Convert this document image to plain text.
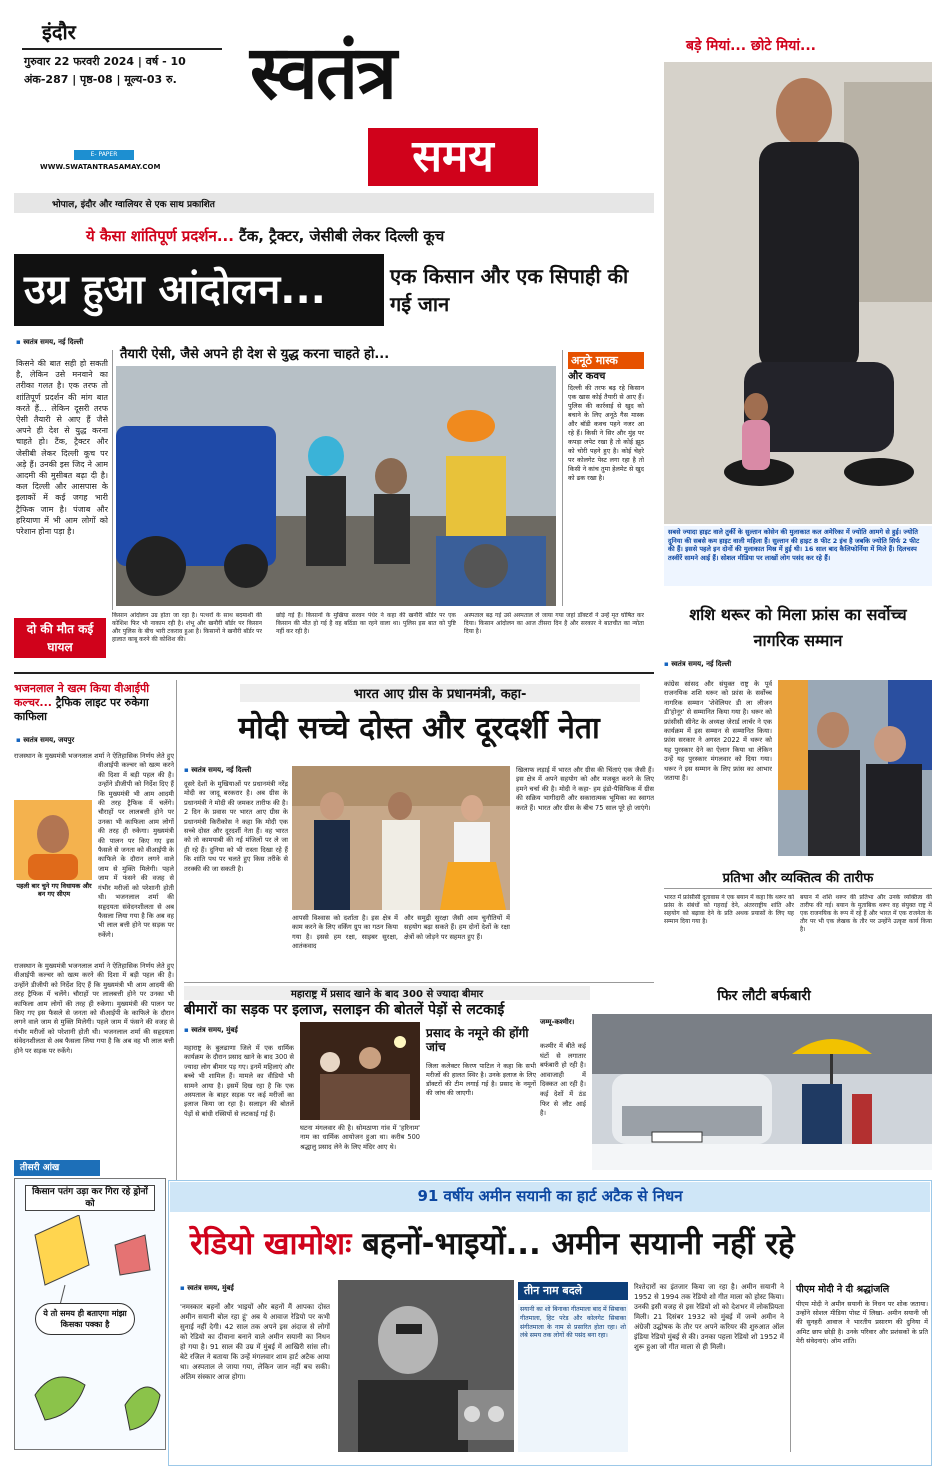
इंदौर
गुरुवार 22 फरवरी 2024 | वर्ष - 10
अंक-287 | पृष्ठ-08 | मूल्य-03 रु.
E- PAPER
WWW.SWATANTRASAMAY.COM
स्वतंत्र
समय
भोपाल, इंदौर और ग्वालियर से एक साथ प्रकाशित
बड़े मियां... छोटे मियां...
सबसे ज्यादा हाइट वाले तुर्की के सुल्तान कोसेन की मुलाकात कल अमेरिका में ज्योति आमगे से हुई। ज्योति दुनिया की सबसे कम हाइट वाली महिला हैं। सुल्तान की हाइट 8 फीट 2 इंच है जबकि ज्योति सिर्फ 2 फीट की हैं। इससे पहले इन दोनों की मुलाकात मिस्र में हुई थी। 16 साल बाद कैलिफोर्निया में मिले हैं। दिलचस्प तस्वीरें सामने आई हैं। सोशल मीडिया पर लाखों लोग पसंद कर रहे हैं।
ये कैसा शांतिपूर्ण प्रदर्शन... टैंक, ट्रैक्टर, जेसीबी लेकर दिल्ली कूच
उग्र हुआ आंदोलन...	एक किसान और एक सिपाही की गई जान
▪ स्वतंत्र समय, नई दिल्ली
तैयारी ऐसी, जैसे अपने ही देश से युद्ध करना चाहते हो...
किसने की बात सही हो सकती है, लेकिन उसे मनवाने का तरीका गलत है। एक तरफ तो शांतिपूर्ण प्रदर्शन की मांग बात करते हैं... लेकिन दूसरी तरफ ऐसी तैयारी से आए हैं जैसे अपने ही देश से युद्ध करना चाहते हो। टैंक, ट्रैक्टर और जेसीबी लेकर दिल्ली कूच पर अड़े हैं। उनकी इस जिद ने आम आदमी की मुसीबत बढ़ा दी है। कल दिल्ली और आसपास के इलाकों में कई जगह भारी ट्रैफिक जाम है। पंजाब और हरियाणा में भी आम लोगों को परेशान होना पड़ा है।
अनूठे मास्क
और कवच
दिल्ली की तरफ बढ़ रहे किसान एक खास कोई तैयारी से आए हैं। पुलिस की कार्रवाई से खुद को बचाने के लिए अनूठे गैस मास्क और बॉडी कवच पहने नजर आ रहे हैं। किसी ने सिर और मुंह पर कपड़ा लपेट रखा है तो कोई झूठ को चोरी पहने हुए है। कोई चेहरे पर कोलगेट पेस्ट लगा रहा है तो किसी ने कांच तुमा हेलमेट से खुद को ढक रखा है।
किसान आंदोलन उग्र होता जा रहा है। पत्थरों के साथ बदमाशी की कोशिश फिर भी नाकाम रही है। शंभू और खनौरी बॉर्डर पर किसान और पुलिस के बीच भारी टकराव हुआ है। किसानों ने खनौरी बॉर्डर पर हालात काबू करने की कोशिश की।
छोड़े गई हैं। किसानों के मुखिया सरवन पंधेर ने कहा की खनौरी बॉर्डर पर एक किसान की मौत हो गई है वह बठिंडा का रहने वाला था। पुलिस इस बात को पुष्टि नहीं कर रही है।
अस्पताल बढ़ गई उसे अस्पताल ले जाया गया जहां डॉक्टरों ने उन्हें मृत घोषित कर दिया। किसान आंदोलन का आज तीसरा दिन है और सरकार ने बातचीत का न्योता दिया है।
दो की मौत कई घायल
शशि थरूर को मिला फ्रांस का सर्वोच्च नागरिक सम्मान
▪ स्वतंत्र समय, नई दिल्ली
कांग्रेस सांसद और संयुक्त राष्ट्र के पूर्व राजनयिक शशि थरूर को फ्रांस के सर्वोच्च नागरिक सम्मान 'शेवेलियर डी ला लीजन डी'होनूर' से सम्मानित किया गया है। थरूर को फ्रांसीसी सीनेट के अध्यक्ष जेरार्ड लार्चर ने एक कार्यक्रम में इस सम्मान से सम्मानित किया। फ्रांस सरकार ने अगस्त 2022 में थरूर को यह पुरस्कार देने का ऐलान किया था लेकिन उन्हें यह पुरस्कार मंगलवार को दिया गया। थरूर ने इस सम्मान के लिए फ्रांस का आभार जताया है।
प्रतिभा और व्यक्तित्व की तारीफ
भारत में फ्रांसीसी दूतावास ने एक बयान में कहा कि थरूर को फ्रांस के संबंधों को गहराई देने, अंतरराष्ट्रीय शांति और सहयोग को बढ़ावा देने के प्रति अथक प्रयासों के लिए यह सम्मान दिया गया है।
बयान में शशि थरूर की प्रतिभा और उनके व्यक्तित्व की तारीफ की गई। बयान के मुताबिक थरूर वह संयुक्त राष्ट्र में एक राजनयिक के रूप में रहे हैं और भारत में एक राजनेता के तौर पर भी एक लेखक के तौर पर उन्होंने उत्कृष्ट कार्य किया है।
भजनलाल ने खत्म किया वीआईपी कल्चर... ट्रैफिक लाइट पर रुकेगा काफिला
▪ स्वतंत्र समय, जयपुर
पहली बार चुने गए विधायक और बन गए सीएम
राजस्थान के मुख्यमंत्री भजनलाल शर्मा ने ऐतिहासिक निर्णय लेते हुए वीआईपी कल्चर को खत्म करने की दिशा में बड़ी पहल की है। उन्होंने डीजीपी को निर्देश दिए हैं कि मुख्यमंत्री भी आम आदमी की तरह ट्रैफिक में चलेंगे। चौराहों पर लालबत्ती होने पर उनका भी काफिला आम लोगों की तरह ही रुकेगा। मुख्यमंत्री की पालन पर किए गए इस फैसले से जनता को वीआईपी के काफिले के दौरान लगने वाले जाम से मुक्ति मिलेगी। पहले जाम में फंसने की वजह से गंभीर मरीजों को परेशानी होती थी। भजनलाल शर्मा की सहृदयता संवेदनशीलता से अब फैसला लिया गया है कि अब वह भी लाल बत्ती होने पर सड़क पर रुकेंगे।
राजस्थान के मुख्यमंत्री भजनलाल शर्मा ने ऐतिहासिक निर्णय लेते हुए वीआईपी कल्चर को खत्म करने की दिशा में बड़ी पहल की है। उन्होंने डीजीपी को निर्देश दिए हैं कि मुख्यमंत्री भी आम आदमी की तरह ट्रैफिक में चलेंगे। चौराहों पर लालबत्ती होने पर उनका भी काफिला आम लोगों की तरह ही रुकेगा। मुख्यमंत्री की पालन पर किए गए इस फैसले से जनता को वीआईपी के काफिले के दौरान लगने वाले जाम से मुक्ति मिलेगी। पहले जाम में फंसने की वजह से गंभीर मरीजों को परेशानी होती थी। भजनलाल शर्मा की सहृदयता संवेदनशीलता से अब फैसला लिया गया है कि अब वह भी लाल बत्ती होने पर सड़क पर रुकेंगे।
तीसरी आंख
किसान पतंग उड़ा कर गिरा रहे ड्रोनों को
ये तो समय ही बताएगा मांझा किसका पक्का है
भारत आए ग्रीस के प्रधानमंत्री, कहा-
मोदी सच्चे दोस्त और दूरदर्शी नेता
▪ स्वतंत्र समय, नई दिल्ली
दूसरे देशों के मुखियाओं पर प्रधानमंत्री नरेंद्र मोदी का जादू बरकरार है। अब ग्रीस के प्रधानमंत्री ने मोदी की जमकर तारीफ की है। 2 दिन के प्रवास पर भारत आए ग्रीस के प्रधानमंत्री किरीकोस ने कहा कि मोदी एक सच्चे दोस्त और दूरदर्शी नेता हैं। वह भारत को तो कामयाबी की नई मंजिलों पर ले जा ही रहे हैं। दुनिया को भी रास्ता दिखा रहे हैं कि शांति पथ पर चलते हुए किस तरीके से तरक्की की जा सकती है।
आपसी विश्वास को दर्शाता है। इस क्षेत्र में काम करने के लिए वर्किंग ग्रुप का गठन किया गया है। इससे हम रक्षा, साइबर सुरक्षा, आतंकवाद
और समुद्री सुरक्षा जैसी आम चुनौतियों में सहयोग बढ़ा सकते हैं। हम दोनों देशों के रक्षा क्षेत्रों को जोड़ने पर सहमत हुए हैं।
खिलाफ लड़ाई में भारत और ग्रीस की चिंताएं एक जैसी हैं। इस क्षेत्र में अपने सहयोग को और मजबूत करने के लिए हमने चर्चा की है। मोदी ने कहा- हम इंडो-पैसिफिक में ग्रीस की सक्रिय भागीदारी और सकारात्मक भूमिका का स्वागत करते हैं। भारत और ग्रीस के बीच 75 साल पूरे हो जाएंगे।
महाराष्ट्र में प्रसाद खाने के बाद 300 से ज्यादा बीमार
बीमारों का सड़क पर इलाज, सलाइन की बोतलें पेड़ों से लटकाई
▪ स्वतंत्र समय, मुंबई
महाराष्ट्र के बुलढाणा जिले में एक धार्मिक कार्यक्रम के दौरान प्रसाद खाने के बाद 300 से ज्यादा लोग बीमार पड़ गए। इनमें महिलाएं और बच्चे भी शामिल हैं। मामले का वीडियो भी सामने आया है। इसमें दिख रहा है कि एक अस्पताल के बाहर सड़क पर कई मरीजों का इलाज किया जा रहा है। सलाइन की बोतलें पेड़ों से बांधी रस्सियों से लटकाई गई हैं।
घटना मंगलवार की है। सोमठाणा गांव में 'हरिनाम' नाम का धार्मिक आयोजन हुआ था। करीब 500 श्रद्धालु प्रसाद लेने के लिए मंदिर आए थे।
प्रसाद के नमूने की होंगी जांच
जिला कलेक्टर किरण पाटिल ने कहा कि सभी मरीजों की हालत स्थिर है। उनके इलाज के लिए डॉक्टरों की टीम लगाई गई है। प्रसाद के नमूनों की जांच की जाएगी।
फिर लौटी बर्फबारी
जम्मू-कश्मीर।
कश्मीर में बीते कई घंटों से लगातार बर्फबारी हो रही है। आवाजाही में दिक्कत आ रही है। कई देशों में ठंड फिर से लौट आई है।
91 वर्षीय अमीन सयानी का हार्ट अटैक से निधन
रेडियो खामोशः बहनों-भाइयों... अमीन सयानी नहीं रहे
▪ स्वतंत्र समय, मुंबई
'नमस्कार बहनों और भाइयों और बहनों मैं आपका दोस्त अमीन सयानी बोल रहा हूं' अब ये आवाज रेडियो पर कभी सुनाई नहीं देगी। 42 साल तक अपने इस अंदाज से लोगों को रेडियो का दीवाना बनाने वाले अमीन सयानी का निधन हो गया है। 91 साल की उम्र में मुंबई में आखिरी सांस ली। बेटे रजिल ने बताया कि उन्हें मंगलवार शाम हार्ट अटैक आया था। अस्पताल ले जाया गया, लेकिन जान नहीं बच सकी। अंतिम संस्कार आज होगा।
तीन नाम बदले
सयानी का शो बिनाका गीतमाला बाद में सिबाका गीतमाला, हिट परेड और कोलगेट सिबाका संगीतमाला के नाम से प्रसारित होता रहा। शो लंबे समय तक लोगों की पसंद बना रहा।
रिश्तेदारों का इंतजार किया जा रहा है। अमीन सयानी ने 1952 से 1994 तक रेडियो शो गीत माला को होस्ट किया। उनकी इसी वजह से इस रेडियो शो को देशभर में लोकप्रियता मिली। 21 दिसंबर 1932 को मुंबई में जन्मे अमीन ने अंग्रेजी उद्घोषक के तौर पर अपने करियर की शुरुआत ऑल इंडिया रेडियो मुंबई से की। उनका पहला रेडियो शो 1952 में शुरू हुआ जो गीत माला से ही मिली।
पीएम मोदी ने दी श्रद्धांजलि
पीएम मोदी ने अमीन सयानी के निधन पर शोक जताया। उन्होंने सोशल मीडिया पोस्ट में लिखा- अमीन सयानी जी की सुनहरी आवाज ने भारतीय प्रसारण की दुनिया में अमिट छाप छोड़ी है। उनके परिवार और प्रशंसकों के प्रति मेरी संवेदनाएं। ओम शांति।
